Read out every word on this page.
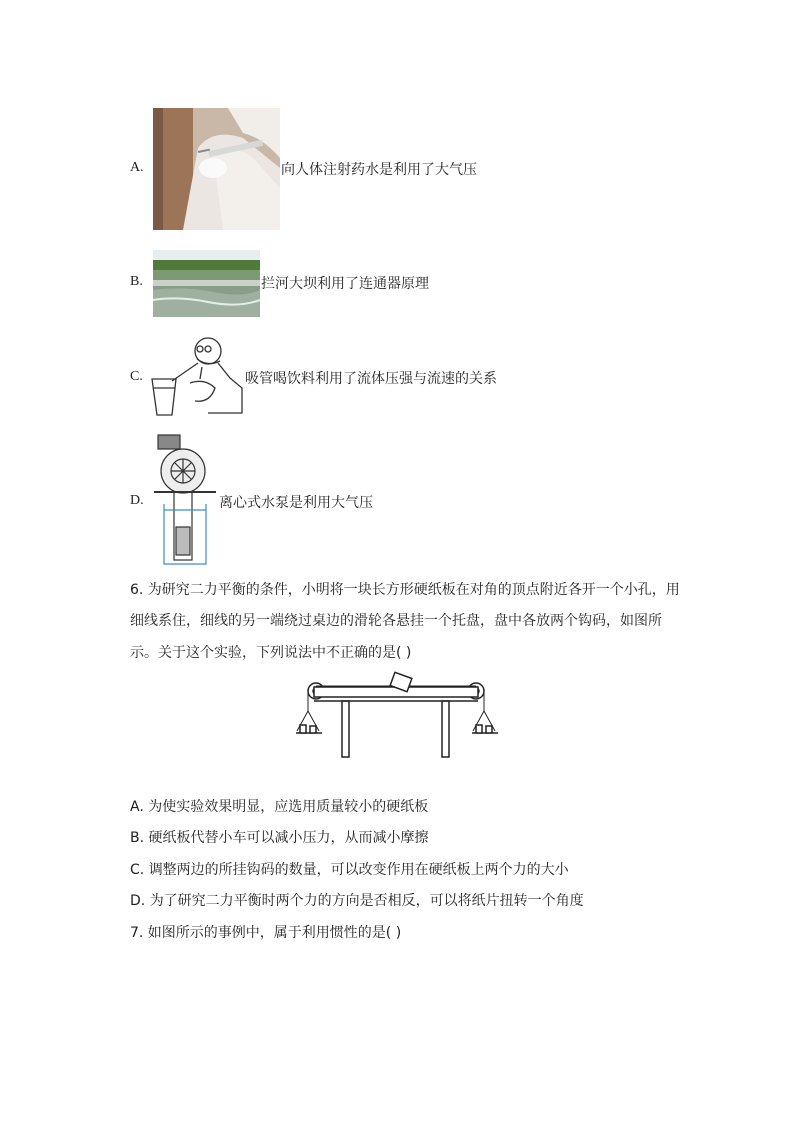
A.	向人体注射药水是利用了大气压
B.	拦河大坝利用了连通器原理
C.	吸管喝饮料利用了流体压强与流速的关系
D.	离心式水泵是利用大气压
6. 为研究二力平衡的条件，小明将一块长方形硬纸板在对角的顶点附近各开一个小孔，用
细线系住，细线的另一端绕过桌边的滑轮各悬挂一个托盘，盘中各放两个钩码，如图所
示。关于这个实验，下列说法中不正确的是( )
A. 为使实验效果明显，应选用质量较小的硬纸板
B. 硬纸板代替小车可以减小压力，从而减小摩擦
C. 调整两边的所挂钩码的数量，可以改变作用在硬纸板上两个力的大小
D. 为了研究二力平衡时两个力的方向是否相反，可以将纸片扭转一个角度
7. 如图所示的事例中，属于利用惯性的是( )
